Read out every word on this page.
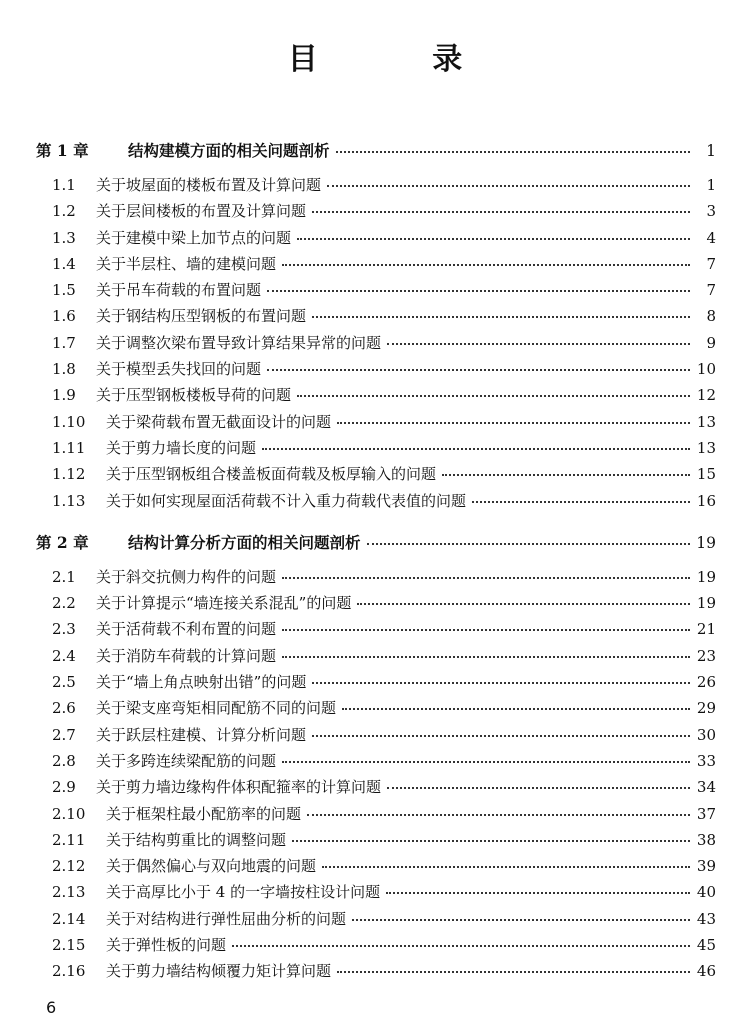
目 录
第 1 章	结构建模方面的相关问题剖析	1
1.1	关于坡屋面的楼板布置及计算问题	1
1.2	关于层间楼板的布置及计算问题	3
1.3	关于建模中梁上加节点的问题	4
1.4	关于半层柱、墙的建模问题	7
1.5	关于吊车荷载的布置问题	7
1.6	关于钢结构压型钢板的布置问题	8
1.7	关于调整次梁布置导致计算结果异常的问题	9
1.8	关于模型丢失找回的问题	10
1.9	关于压型钢板楼板导荷的问题	12
1.10	关于梁荷载布置无截面设计的问题	13
1.11	关于剪力墙长度的问题	13
1.12	关于压型钢板组合楼盖板面荷载及板厚输入的问题	15
1.13	关于如何实现屋面活荷载不计入重力荷载代表值的问题	16
第 2 章	结构计算分析方面的相关问题剖析	19
2.1	关于斜交抗侧力构件的问题	19
2.2	关于计算提示“墙连接关系混乱”的问题	19
2.3	关于活荷载不利布置的问题	21
2.4	关于消防车荷载的计算问题	23
2.5	关于“墙上角点映射出错”的问题	26
2.6	关于梁支座弯矩相同配筋不同的问题	29
2.7	关于跃层柱建模、计算分析问题	30
2.8	关于多跨连续梁配筋的问题	33
2.9	关于剪力墙边缘构件体积配箍率的计算问题	34
2.10	关于框架柱最小配筋率的问题	37
2.11	关于结构剪重比的调整问题	38
2.12	关于偶然偏心与双向地震的问题	39
2.13	关于高厚比小于 4 的一字墙按柱设计问题	40
2.14	关于对结构进行弹性屈曲分析的问题	43
2.15	关于弹性板的问题	45
2.16	关于剪力墙结构倾覆力矩计算问题	46
6
